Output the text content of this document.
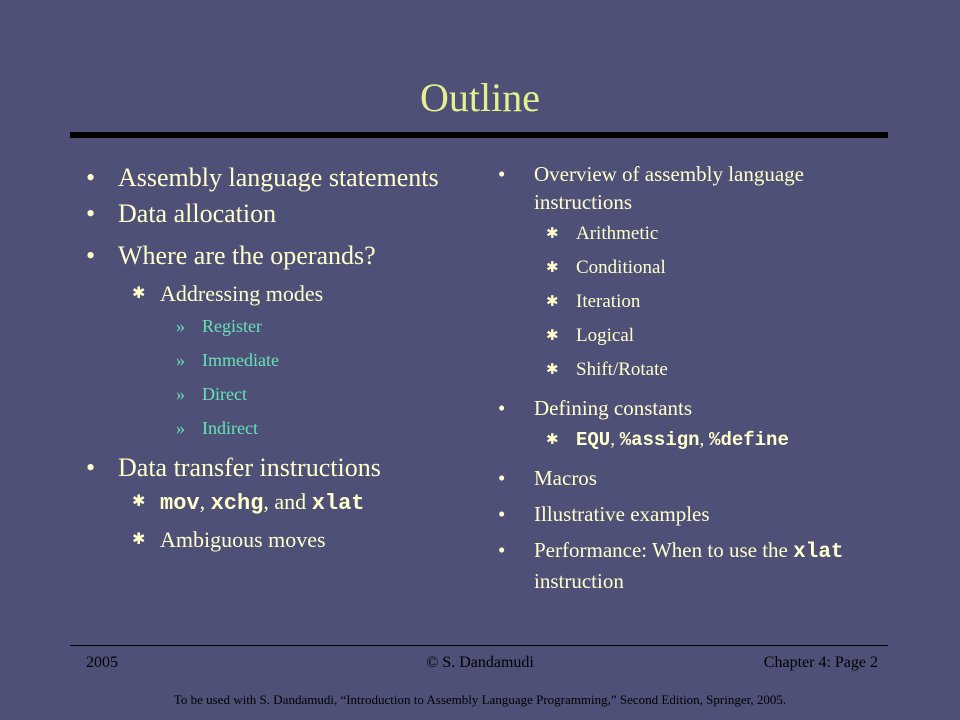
Outline
• Assembly language statements
• Data allocation
• Where are the operands?
✱ Addressing modes
» Register
» Immediate
» Direct
» Indirect
• Data transfer instructions
✱ mov, xchg, and xlat
✱ Ambiguous moves
• Overview of assembly language instructions
✱ Arithmetic
✱ Conditional
✱ Iteration
✱ Logical
✱ Shift/Rotate
• Defining constants
✱ EQU, %assign, %define
• Macros
• Illustrative examples
• Performance: When to use the xlat instruction
2005	© S. Dandamudi	Chapter 4: Page 2
To be used with S. Dandamudi, “Introduction to Assembly Language Programming,” Second Edition, Springer, 2005.
